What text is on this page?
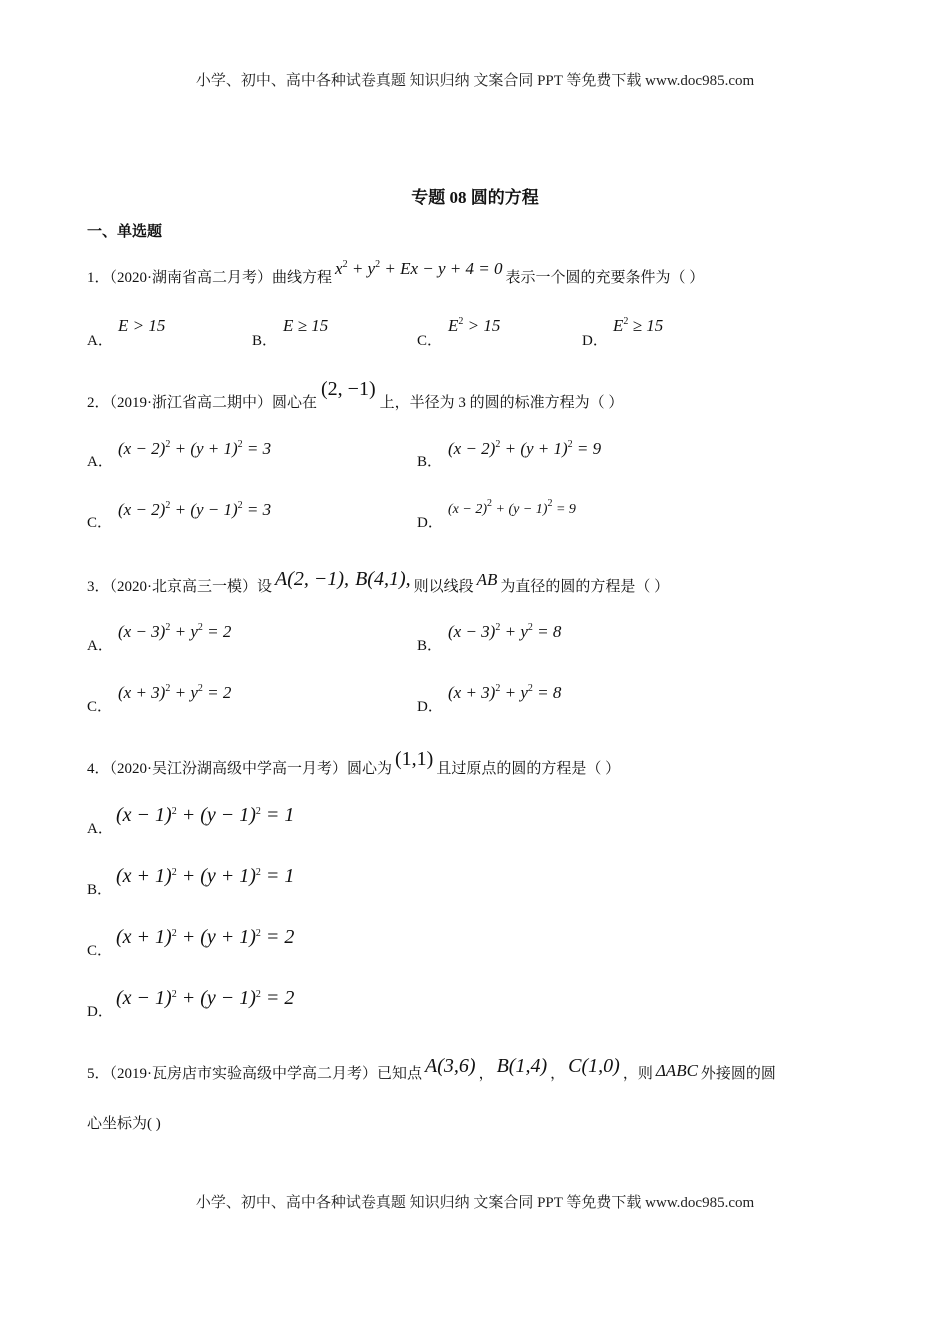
小学、初中、高中各种试卷真题 知识归纳 文案合同 PPT 等免费下载 www.doc985.com
专题 08 圆的方程
一、单选题
1．（2020·湖南省高二月考）曲线方程 $x^2 + y^2 + Ex - y + 4 = 0$ 表示一个圆的充要条件为（ ）
A．
E > 15
B．
E ≥ 15
C．
$E^2 > 15$
D．
$E^2 \ge 15$
2．（2019·浙江省高二期中）圆心在(2, −1)上，半径为 3 的圆的标准方程为（ ）
A．
$(x - 2)^2 + (y + 1)^2 = 3$
B．
$(x - 2)^2 + (y + 1)^2 = 9$
C．
$(x - 2)^2 + (y - 1)^2 = 3$
D．
$(x - 2)^2 + (y - 1)^2 = 9$
3．（2020·北京高三一模）设 A(2, −1), B(4,1), 则以线段 AB 为直径的圆的方程是（ ）
A．
$(x - 3)^2 + y^2 = 2$
B．
$(x - 3)^2 + y^2 = 8$
C．
$(x + 3)^2 + y^2 = 2$
D．
$(x + 3)^2 + y^2 = 8$
4．（2020·吴江汾湖高级中学高一月考）圆心为 (1,1) 且过原点的圆的方程是（ ）
A．
$(x - 1)^2 + (y - 1)^2 = 1$
B．
$(x + 1)^2 + (y + 1)^2 = 1$
C．
$(x + 1)^2 + (y + 1)^2 = 2$
D．
$(x - 1)^2 + (y - 1)^2 = 2$
5．（2019·瓦房店市实验高级中学高二月考）已知点 A(3,6) ， B(1,4) ， C(1,0) ，则 ΔABC 外接圆的圆
心坐标为( )
小学、初中、高中各种试卷真题 知识归纳 文案合同 PPT 等免费下载 www.doc985.com
